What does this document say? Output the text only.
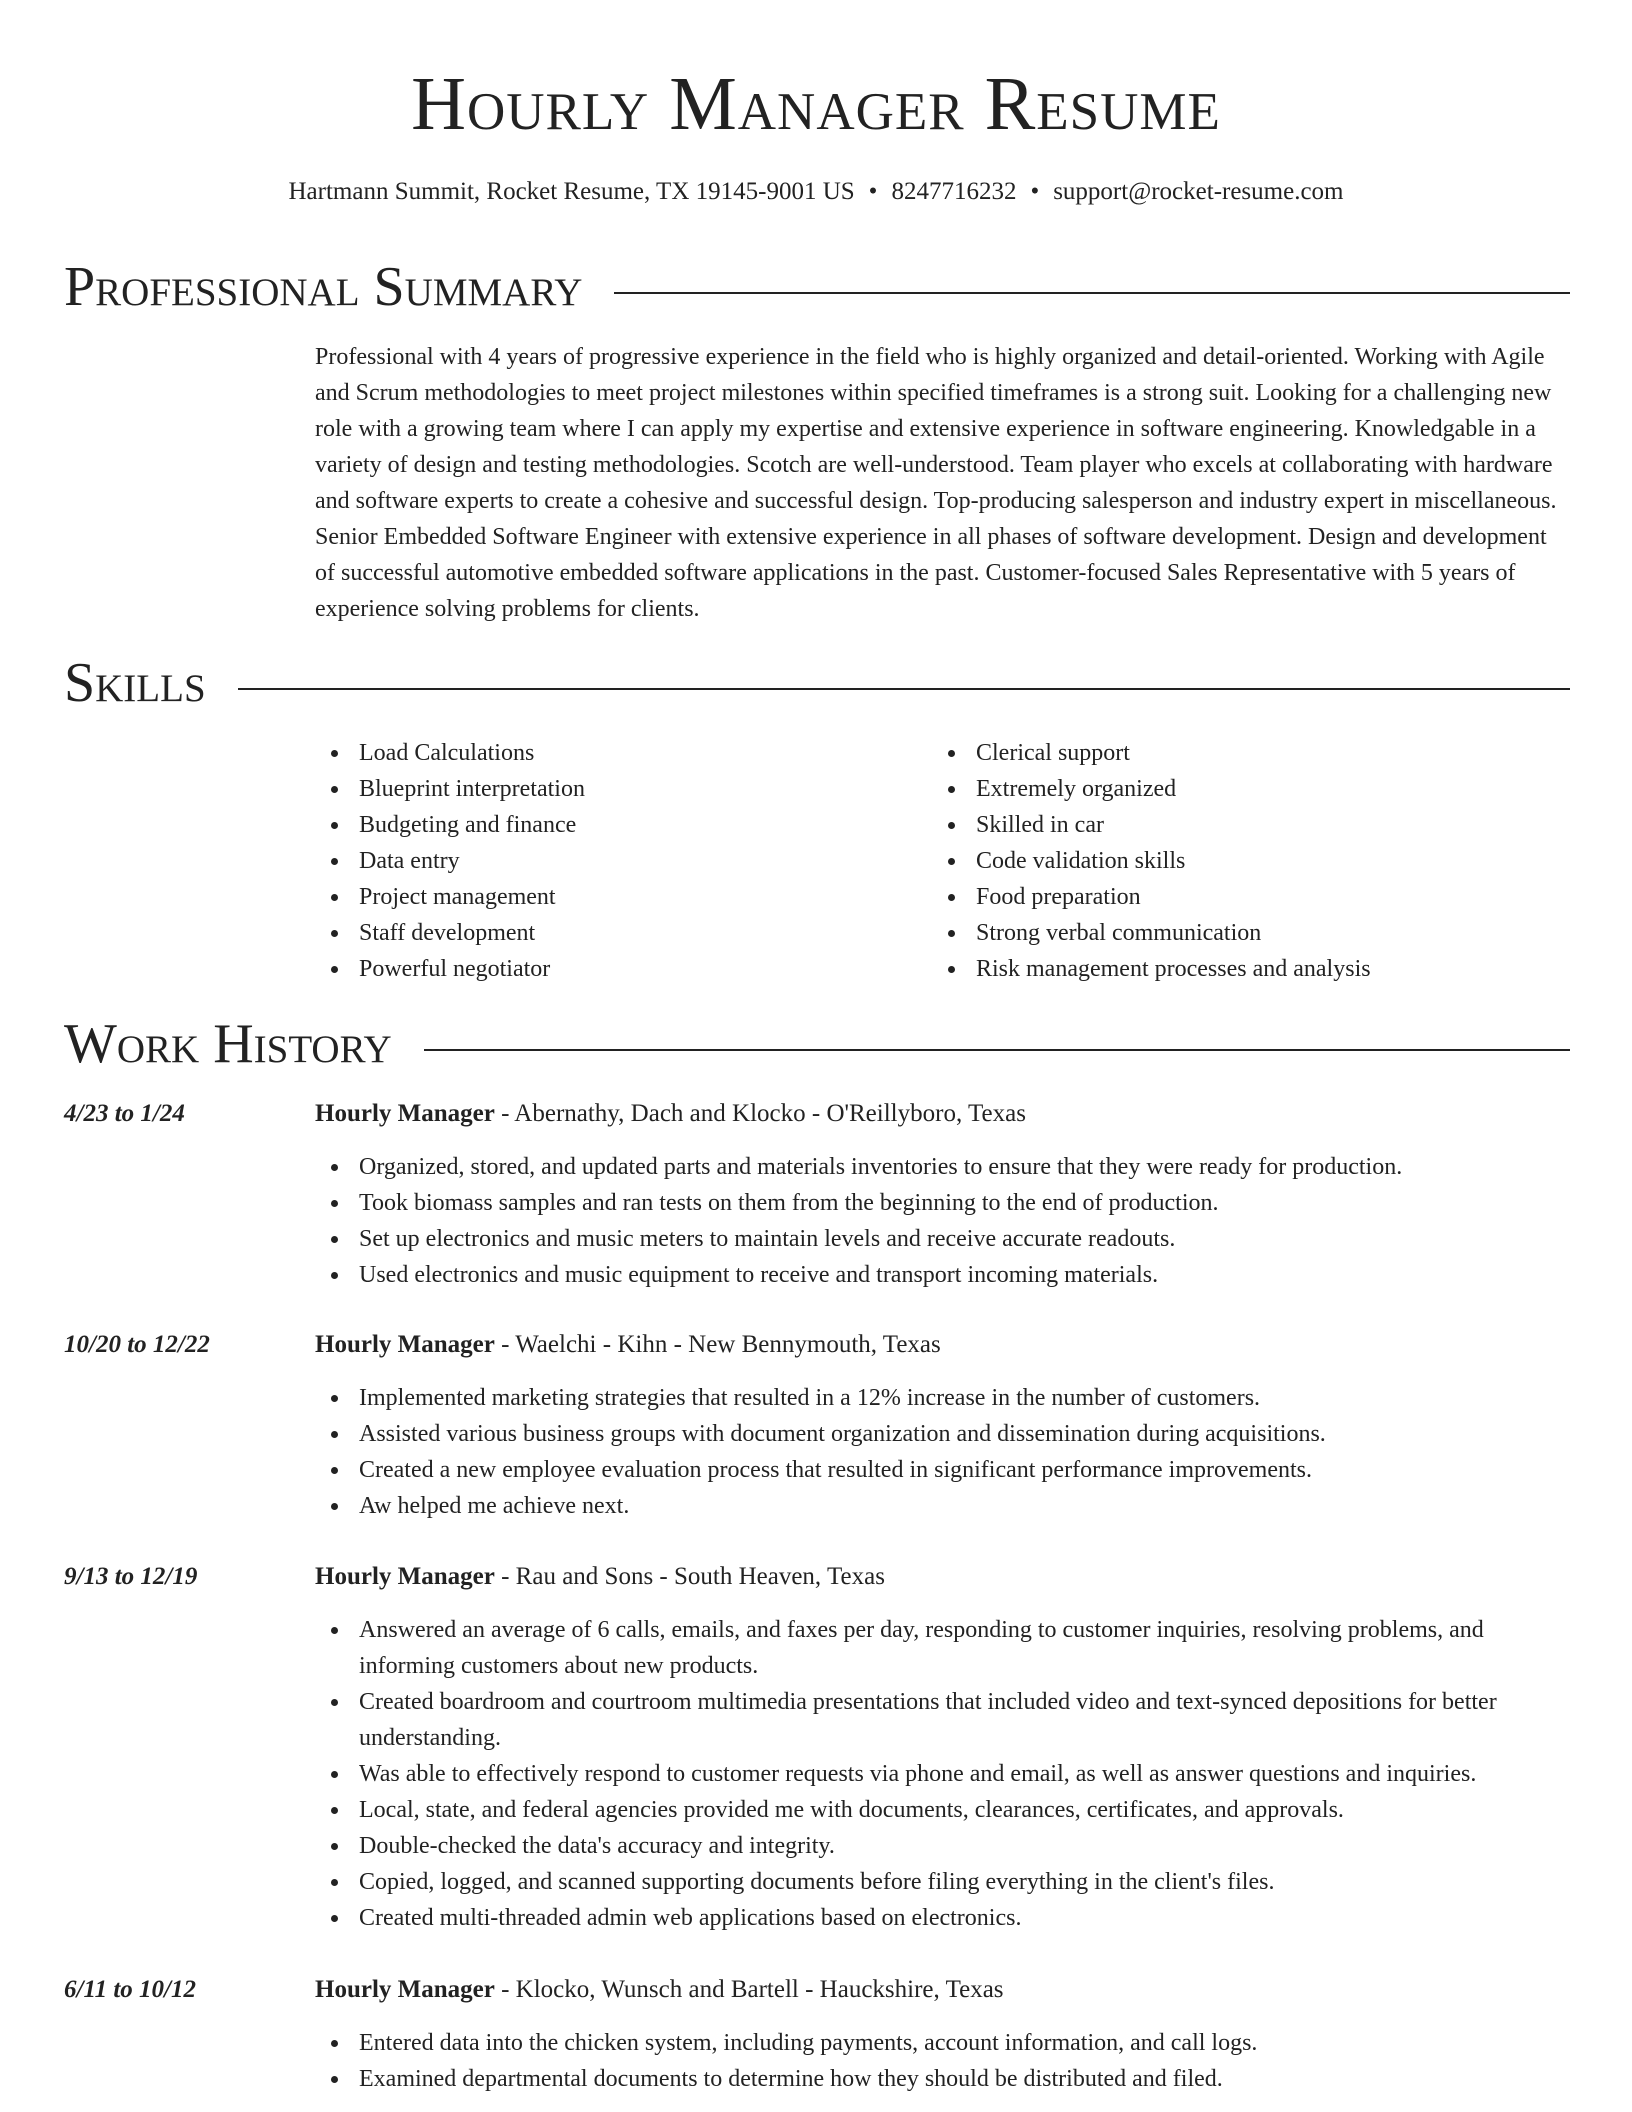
Hourly Manager Resume
Hartmann Summit, Rocket Resume, TX 19145-9001 US • 8247716232 • support@rocket-resume.com
Professional Summary

Professional with 4 years of progressive experience in the field who is highly organized and detail-oriented. Working with Agile and Scrum methodologies to meet project milestones within specified timeframes is a strong suit. Looking for a challenging new role with a growing team where I can apply my expertise and extensive experience in software engineering. Knowledgable in a variety of design and testing methodologies. Scotch are well-understood. Team player who excels at collaborating with hardware and software experts to create a cohesive and successful design. Top-producing salesperson and industry expert in miscellaneous. Senior Embedded Software Engineer with extensive experience in all phases of software development. Design and development of successful automotive embedded software applications in the past. Customer-focused Sales Representative with 5 years of experience solving problems for clients.

Skills
Load Calculations
Blueprint interpretation
Budgeting and finance
Data entry
Project management
Staff development
Powerful negotiator
Clerical support
Extremely organized
Skilled in car
Code validation skills
Food preparation
Strong verbal communication
Risk management processes and analysis
Work History
4/23 to 1/24	Hourly Manager - Abernathy, Dach and Klocko - O'Reillyboro, Texas
Organized, stored, and updated parts and materials inventories to ensure that they were ready for production.
Took biomass samples and ran tests on them from the beginning to the end of production.
Set up electronics and music meters to maintain levels and receive accurate readouts.
Used electronics and music equipment to receive and transport incoming materials.
10/20 to 12/22	Hourly Manager - Waelchi - Kihn - New Bennymouth, Texas
Implemented marketing strategies that resulted in a 12% increase in the number of customers.
Assisted various business groups with document organization and dissemination during acquisitions.
Created a new employee evaluation process that resulted in significant performance improvements.
Aw helped me achieve next.
9/13 to 12/19	Hourly Manager - Rau and Sons - South Heaven, Texas
Answered an average of 6 calls, emails, and faxes per day, responding to customer inquiries, resolving problems, and informing customers about new products.
Created boardroom and courtroom multimedia presentations that included video and text-synced depositions for better understanding.
Was able to effectively respond to customer requests via phone and email, as well as answer questions and inquiries.
Local, state, and federal agencies provided me with documents, clearances, certificates, and approvals.
Double-checked the data's accuracy and integrity.
Copied, logged, and scanned supporting documents before filing everything in the client's files.
Created multi-threaded admin web applications based on electronics.
6/11 to 10/12	Hourly Manager - Klocko, Wunsch and Bartell - Hauckshire, Texas
Entered data into the chicken system, including payments, account information, and call logs.
Examined departmental documents to determine how they should be distributed and filed.
